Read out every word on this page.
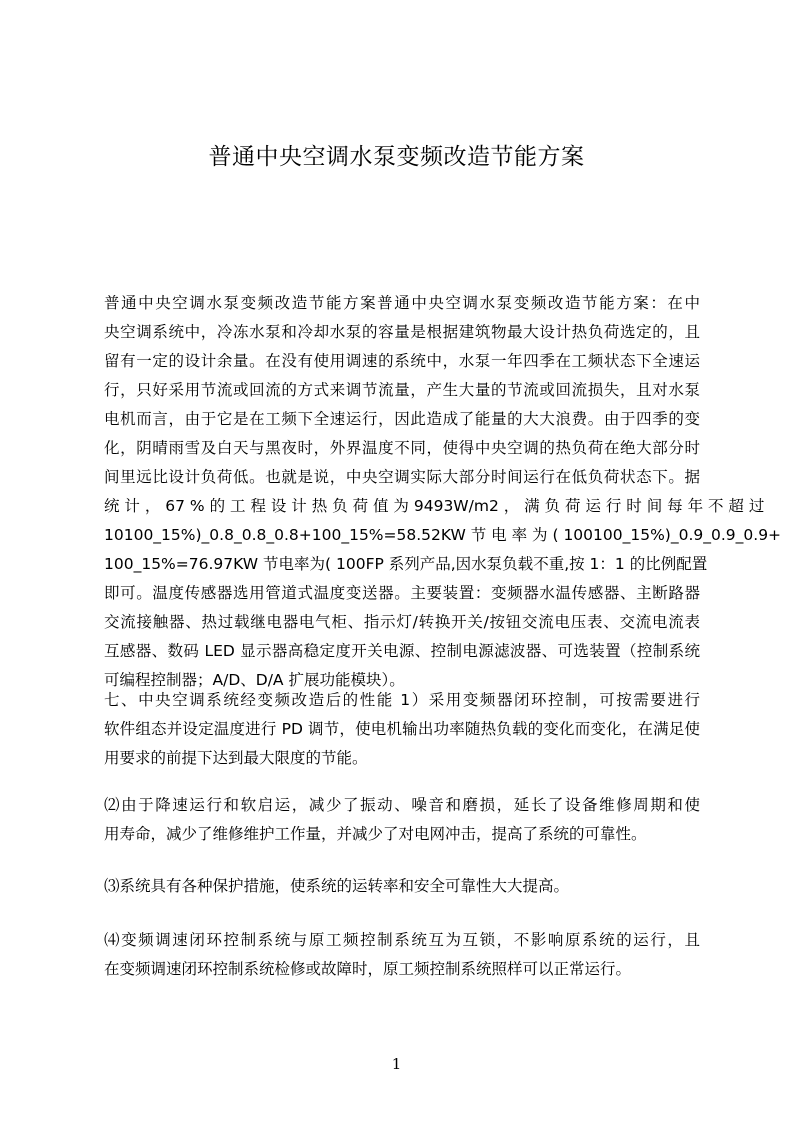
普通中央空调水泵变频改造节能方案
普通中央空调水泵变频改造节能方案普通中央空调水泵变频改造节能方案：在中
央空调系统中，冷冻水泵和冷却水泵的容量是根据建筑物最大设计热负荷选定的，且
留有一定的设计余量。在没有使用调速的系统中，水泵一年四季在工频状态下全速运
行，只好采用节流或回流的方式来调节流量，产生大量的节流或回流损失，且对水泵
电机而言，由于它是在工频下全速运行，因此造成了能量的大大浪费。由于四季的变
化，阴晴雨雪及白天与黑夜时，外界温度不同，使得中央空调的热负荷在绝大部分时
间里远比设计负荷低。也就是说，中央空调实际大部分时间运行在低负荷状态下。据
统 计 ， 67 % 的 工 程 设 计 热 负 荷 值 为 9493W/m2 ， 满 负 荷 运 行 时 间 每 年 不 超 过
10100_15%)_0.8_0.8_0.8+100_15%=58.52KW 节 电 率 为 ( 100100_15%)_0.9_0.9_0.9+
100_15%=76.97KW 节电率为( 100FP 系列产品,因水泵负载不重,按 1：1 的比例配置
即可。温度传感器选用管道式温度变送器。主要装置：变频器水温传感器、主断路器
交流接触器、热过载继电器电气柜、指示灯/转换开关/按钮交流电压表、交流电流表
互感器、数码 LED 显示器高稳定度开关电源、控制电源滤波器、可选装置（控制系统
可编程控制器；A/D、D/A 扩展功能模块）。
七、中央空调系统经变频改造后的性能 1）采用变频器闭环控制，可按需要进行
软件组态并设定温度进行 PD 调节，使电机输出功率随热负载的变化而变化，在满足使
用要求的前提下达到最大限度的节能。
⑵由于降速运行和软启运，减少了振动、噪音和磨损，延长了设备维修周期和使
用寿命，减少了维修维护工作量，并减少了对电网冲击，提高了系统的可靠性。
⑶系统具有各种保护措施，使系统的运转率和安全可靠性大大提高。
⑷变频调速闭环控制系统与原工频控制系统互为互锁，不影响原系统的运行，且
在变频调速闭环控制系统检修或故障时，原工频控制系统照样可以正常运行。
1
